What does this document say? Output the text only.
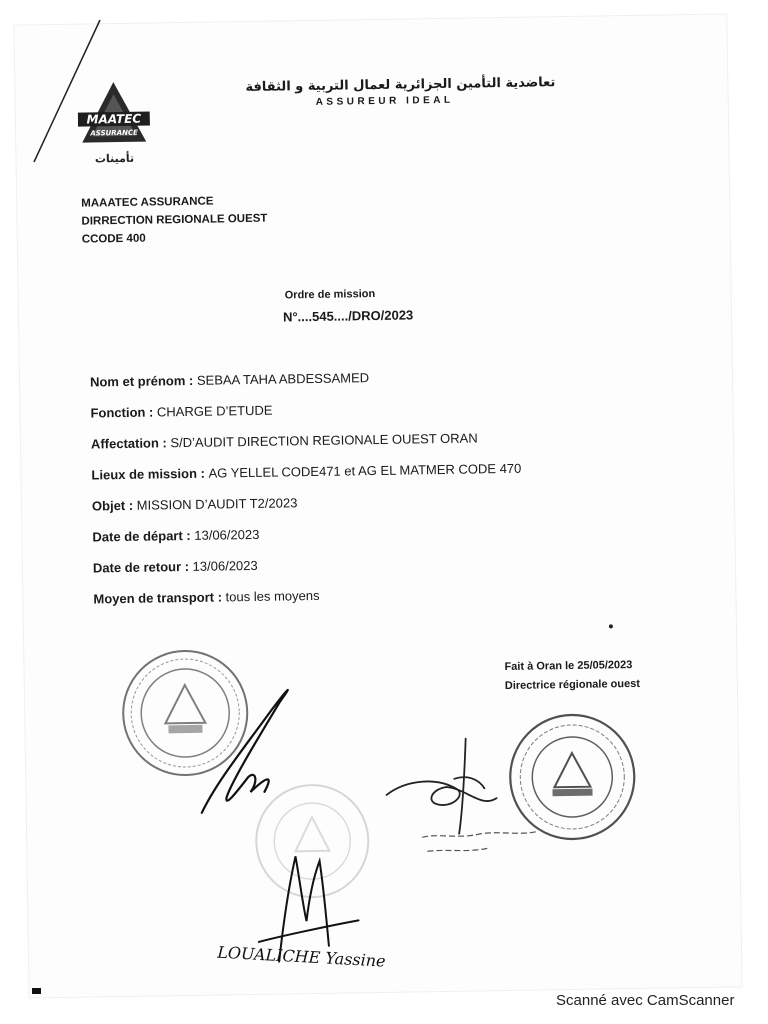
MAATEC
ASSURANCE
تأمينات
تعاضدية التأمين الجزائرية لعمال التربية و الثقافة
ASSUREUR IDEAL
MAAATEC ASSURANCE
DIRRECTION REGIONALE OUEST
CCODE 400
Ordre de mission
N°....545..../DRO/2023
Nom et prénom : SEBAA TAHA ABDESSAMED
Fonction : CHARGE D’ETUDE
Affectation : S/D’AUDIT DIRECTION REGIONALE OUEST ORAN
Lieux de mission : AG YELLEL CODE471 et AG EL MATMER CODE 470
Objet : MISSION D’AUDIT T2/2023
Date de départ : 13/06/2023
Date de retour : 13/06/2023
Moyen de transport : tous les moyens
Fait à Oran le 25/05/2023
Directrice régionale ouest
LOUALICHE Yassine
Scanné avec CamScanner
